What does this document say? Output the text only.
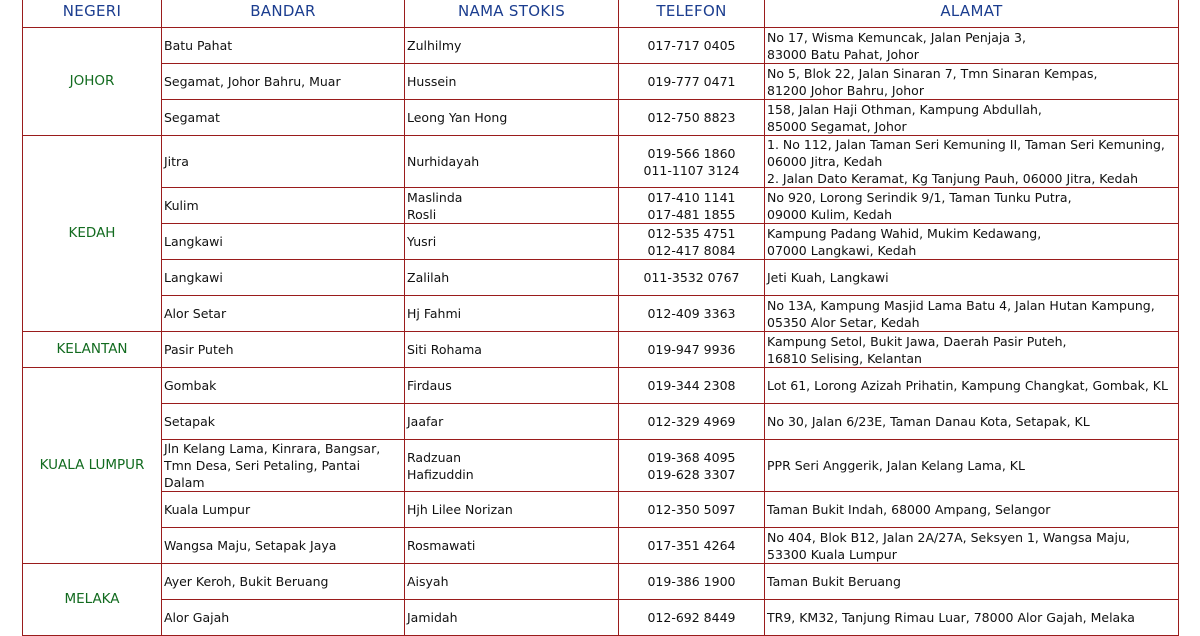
NEGERI	BANDAR	NAMA STOKIS	TELEFON	ALAMAT
JOHOR	Batu Pahat	Zulhilmy	017-717 0405	No 17, Wisma Kemuncak, Jalan Penjaja 3,
83000 Batu Pahat, Johor

	Segamat, Johor Bahru, Muar	Hussein	019-777 0471	No 5, Blok 22, Jalan Sinaran 7, Tmn Sinaran Kempas,
81200 Johor Bahru, Johor

	Segamat	Leong Yan Hong	012-750 8823	158, Jalan Haji Othman, Kampung Abdullah,
85000 Segamat, Johor

KEDAH	Jitra	Nurhidayah	019-566 1860
011-1107 3124	1. No 112, Jalan Taman Seri Kemuning II, Taman Seri Kemuning,
06000 Jitra, Kedah
2. Jalan Dato Keramat, Kg Tanjung Pauh, 06000 Jitra, Kedah

	Kulim	Maslinda
Rosli	017-410 1141
017-481 1855	No 920, Lorong Serindik 9/1, Taman Tunku Putra,
09000 Kulim, Kedah

	Langkawi	Yusri	012-535 4751
012-417 8084	Kampung Padang Wahid, Mukim Kedawang,
07000 Langkawi, Kedah

	Langkawi	Zalilah	011-3532 0767	Jeti Kuah, Langkawi

	Alor Setar	Hj Fahmi	012-409 3363	No 13A, Kampung Masjid Lama Batu 4, Jalan Hutan Kampung,
05350 Alor Setar, Kedah

KELANTAN	Pasir Puteh	Siti Rohama	019-947 9936	Kampung Setol, Bukit Jawa, Daerah Pasir Puteh,
16810 Selising, Kelantan

KUALA LUMPUR	Gombak	Firdaus	019-344 2308	Lot 61, Lorong Azizah Prihatin, Kampung Changkat, Gombak, KL

	Setapak	Jaafar	012-329 4969	No 30, Jalan 6/23E, Taman Danau Kota, Setapak, KL

	Jln Kelang Lama, Kinrara, Bangsar, Tmn Desa, Seri Petaling, Pantai Dalam	Radzuan
Hafizuddin	019-368 4095
019-628 3307	PPR Seri Anggerik, Jalan Kelang Lama, KL

	Kuala Lumpur	Hjh Lilee Norizan	012-350 5097	Taman Bukit Indah, 68000 Ampang, Selangor

	Wangsa Maju, Setapak Jaya	Rosmawati	017-351 4264	No 404, Blok B12, Jalan 2A/27A, Seksyen 1, Wangsa Maju,
53300 Kuala Lumpur

MELAKA	Ayer Keroh, Bukit Beruang	Aisyah	019-386 1900	Taman Bukit Beruang

	Alor Gajah	Jamidah	012-692 8449	TR9, KM32, Tanjung Rimau Luar, 78000 Alor Gajah, Melaka
